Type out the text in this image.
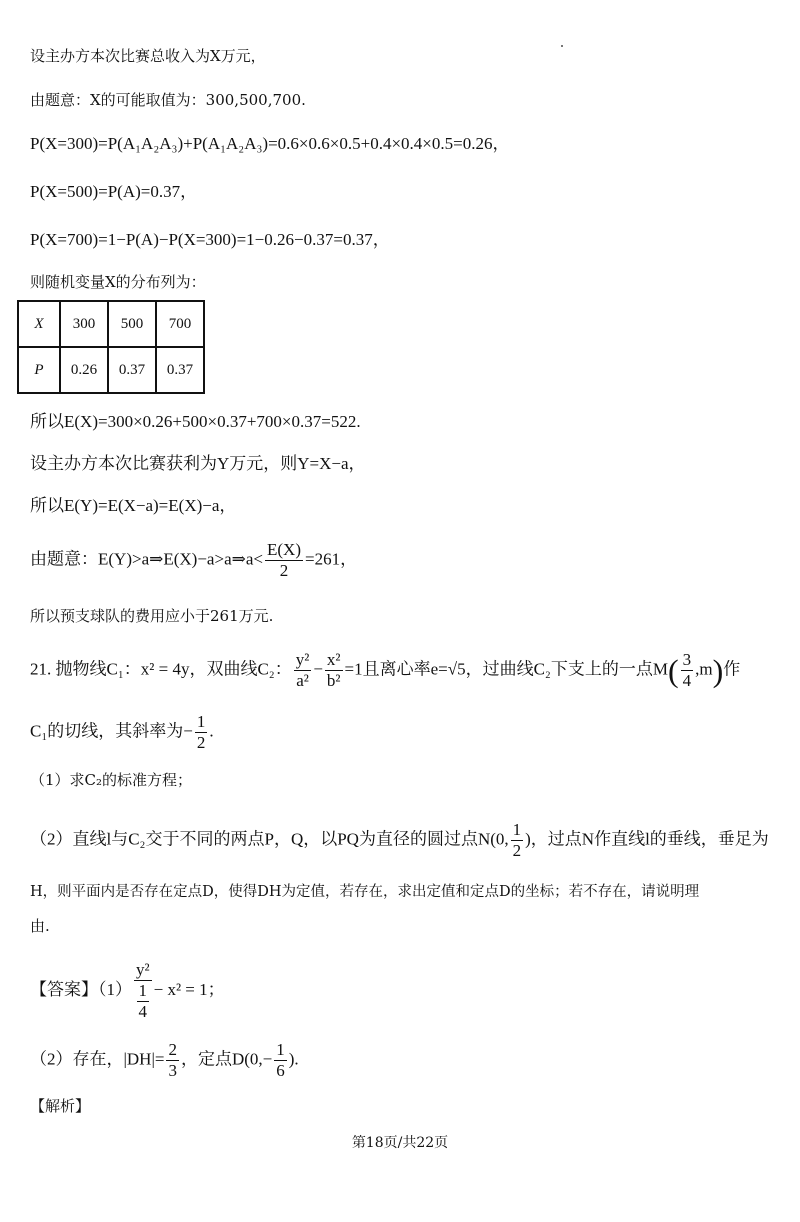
设主办方本次比赛总收入为X万元，
由题意：X的可能取值为：300,500,700.
P(X=300)=P(A₁A₂A₃)+P(A₁A₂A₃)=0.6×0.6×0.5+0.4×0.4×0.5=0.26，
P(X=500)=P(A)=0.37，
P(X=700)=1−P(A)−P(X=300)=1−0.26−0.37=0.37，
则随机变量X的分布列为：
X	300	500	700
P	0.26	0.37	0.37
所以E(X)=300×0.26+500×0.37+700×0.37=522.
设主办方本次比赛获利为Y万元，则Y=X−a，
所以E(Y)=E(X−a)=E(X)−a，
由题意：E(Y)>a⇒E(X)−a>a⇒a< $\frac{E(X)}{2} =261$，
所以预支球队的费用应小于261万元.
21. 抛物线C₁：x² = 4y，双曲线C₂： $\frac{\text{y²}}{\text{a²}} - \frac{\text{x²}}{\text{b²}} =1$且离心率e=√5，过曲线C₂下支上的一点$M( \frac{3}{4} ,m)$作
C₁的切线，其斜率为− $\frac{1}{2}$ .
（1）求C₂的标准方程；
（2）直线l与C₂交于不同的两点P，Q，以PQ为直径的圆过点N(0, $\frac{1}{2}$ )，过点N作直线l的垂线，垂足为
H，则平面内是否存在定点D，使得DH为定值，若存在，求出定值和定点D的坐标；若不存在，请说明理
由.
【答案】$(1) \frac{\text{y²}}{\frac{1}{4}} - x^2 = 1$；
（2）存在，$|DH|= \frac{2}{3}$ ，定点$D(0,- \frac{1}{6}$ ).
【解析】
第18页/共22页
